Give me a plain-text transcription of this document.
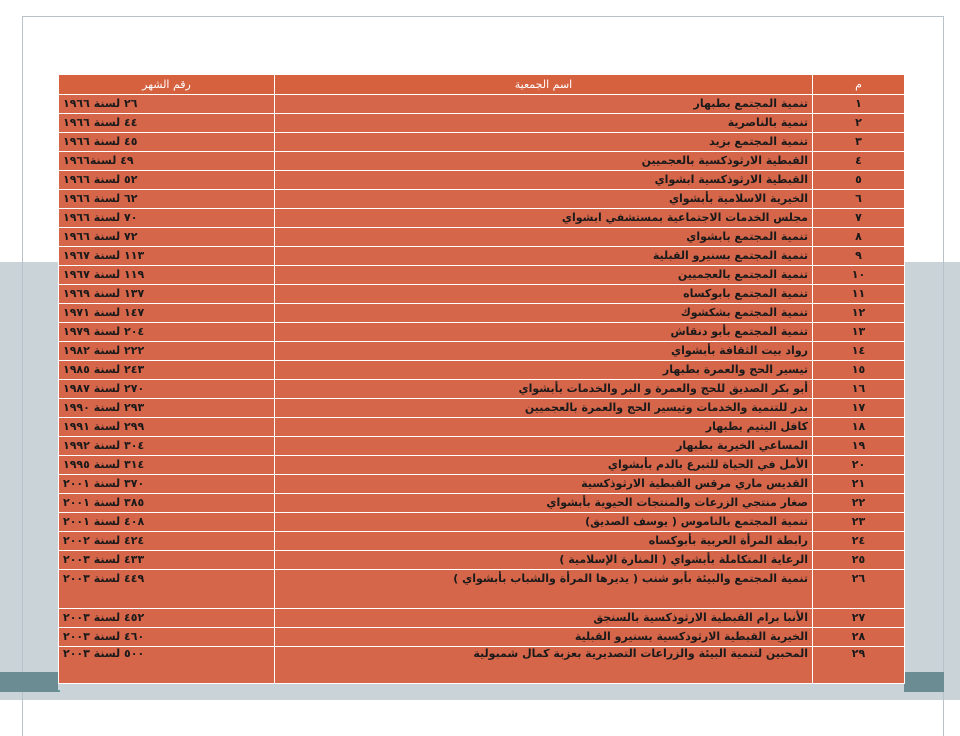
م	اسم الجمعية	رقم الشهر
١	تنمية المجتمع بطبهار	٢٦ لسنة ١٩٦٦
٢	تنمية بالناصرية	٤٤ لسنة ١٩٦٦
٣	تنمية المجتمع بزيد	٤٥ لسنة ١٩٦٦
٤	القبطية الارثوذكسية بالعجميين	٤٩ لسنة١٩٦٦
٥	القبطية الارثوذكسية ابشواي	٥٢ لسنة ١٩٦٦
٦	الخيرية الاسلامية بأبشواي	٦٢ لسنة ١٩٦٦
٧	مجلس الخدمات الاجتماعية بمستشفي ابشواي	٧٠ لسنة ١٩٦٦
٨	تنمية المجتمع بابشواي	٧٢ لسنة ١٩٦٦
٩	تنمية المجتمع بسنيرو القبلية	١١٣ لسنة ١٩٦٧
١٠	تنمية المجتمع بالعجميين	١١٩ لسنة ١٩٦٧
١١	تنمية المجتمع بابوكساه	١٣٧ لسنة ١٩٦٩
١٢	تنمية المجتمع بشكشوك	١٤٧ لسنة ١٩٧١
١٣	تنمية المجتمع بأبو دنقاش	٢٠٤ لسنة ١٩٧٩
١٤	رواد بيت الثقافة بأبشواي	٢٢٢ لسنة ١٩٨٢
١٥	تيسير الحج والعمرة بطبهار	٢٤٣ لسنة ١٩٨٥
١٦	أبو بكر الصديق للحج والعمرة و البر والخدمات بأبشواي	٢٧٠ لسنة ١٩٨٧
١٧	بدر للتنمية والخدمات وتيسير الحج والعمرة بالعجميين	٢٩٣ لسنة ١٩٩٠
١٨	كافل اليتيم بطبهار	٢٩٩ لسنة ١٩٩١
١٩	المساعي الخيرية بطبهار	٣٠٤ لسنة ١٩٩٢
٢٠	الأمل في الحياة للتبرع بالدم بأبشواي	٣١٤ لسنة ١٩٩٥
٢١	القديس ماري مرقس القبطية الارثوذكسية	٣٧٠ لسنة ٢٠٠١
٢٢	صغار منتجي الزرعات والمنتجات الحيوية بأبشواي	٣٨٥ لسنة ٢٠٠١
٢٣	تنمية المجتمع بالناموس ( يوسف الصديق)	٤٠٨ لسنة ٢٠٠١
٢٤	رابطة المرأة العربية بأبوكساه	٤٢٤ لسنة ٢٠٠٢
٢٥	الرعاية المتكاملة بأبشواي ( المنارة الإسلامية )	٤٣٣ لسنة ٢٠٠٣
٢٦	تنمية المجتمع والبيئة بأبو شنب ( يديرها المرأة والشباب بأبشواي )	٤٤٩ لسنة ٢٠٠٣
٢٧	الأنبا برام القبطية الارثوذكسية بالسنجق	٤٥٢ لسنة ٢٠٠٣
٢٨	الخيرية القبطية الارثوذكسية بسنيرو القبلية	٤٦٠ لسنة ٢٠٠٣
٢٩	المحبين لتنمية البيئة والزراعات التصديرية بعزبة كمال شمبولية	٥٠٠ لسنة ٢٠٠٣
